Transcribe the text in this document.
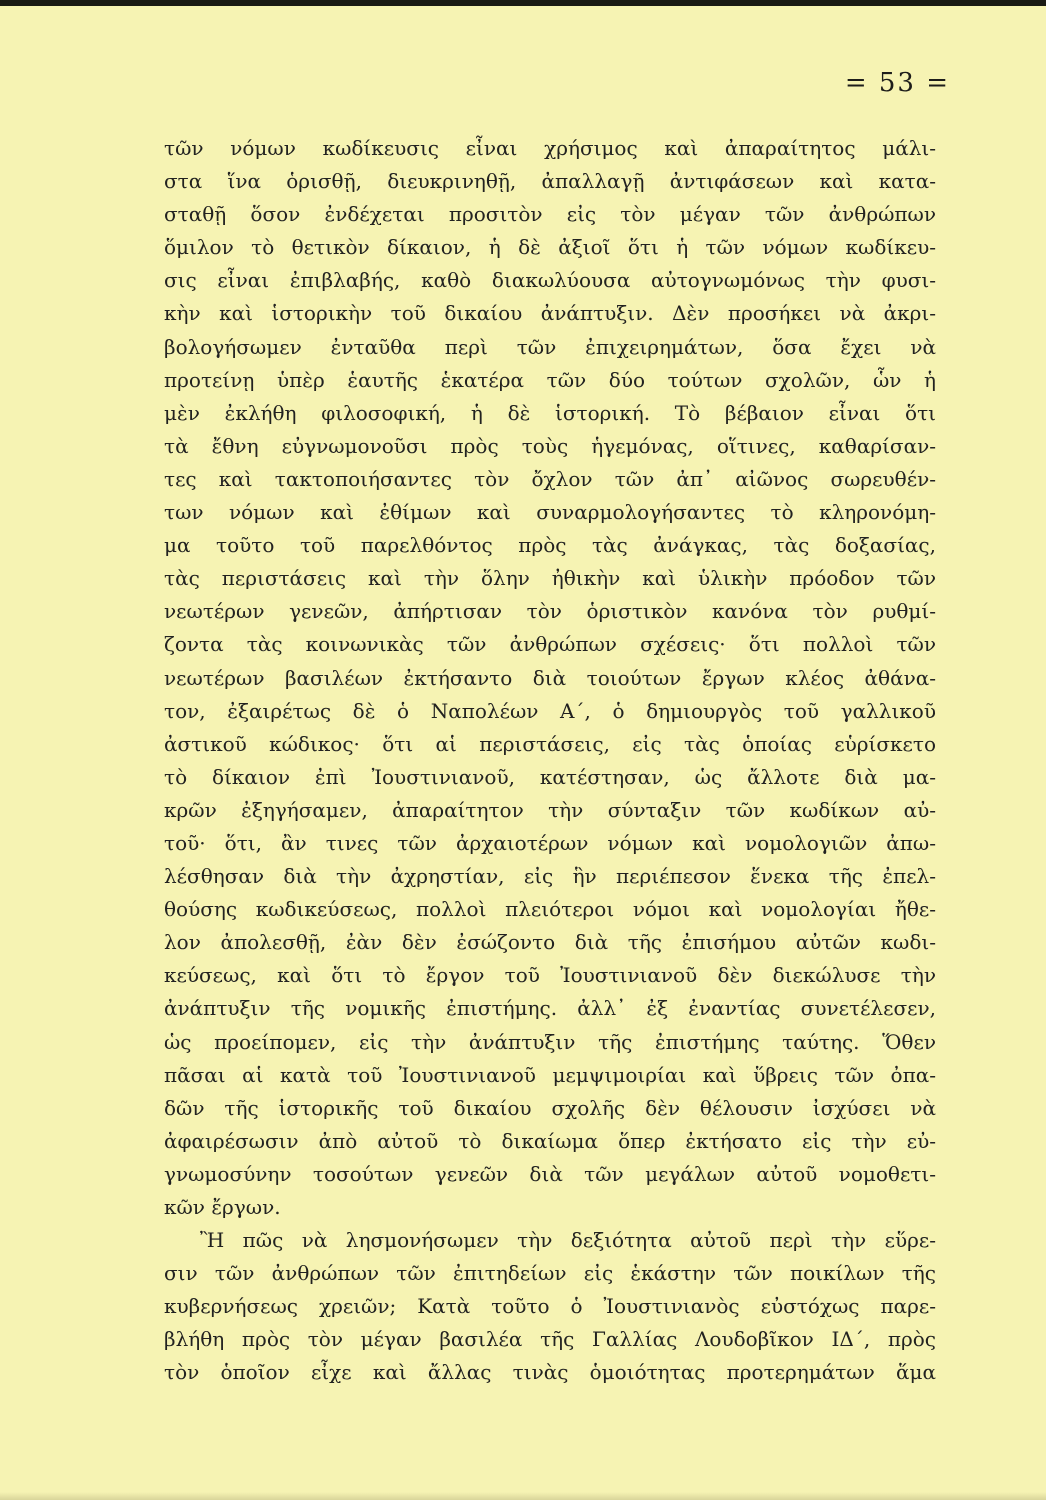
= 53 =
τῶν νόμων κωδίκευσις εἶναι χρήσιμος καὶ ἀπαραίτητος μάλι-
στα ἵνα ὁρισθῇ, διευκρινηθῇ, ἀπαλλαγῇ ἀντιφάσεων καὶ κατα-
σταθῇ ὅσον ἐνδέχεται προσιτὸν εἰς τὸν μέγαν τῶν ἀνθρώπων
ὅμιλον τὸ θετικὸν δίκαιον, ἡ δὲ ἀξιοῖ ὅτι ἡ τῶν νόμων κωδίκευ-
σις εἶναι ἐπιβλαβής, καθὸ διακωλύουσα αὐτογνωμόνως τὴν φυσι-
κὴν καὶ ἱστορικὴν τοῦ δικαίου ἀνάπτυξιν. Δὲν προσήκει νὰ ἀκρι-
βολογήσωμεν ἐνταῦθα περὶ τῶν ἐπιχειρημάτων, ὅσα ἔχει νὰ
προτείνῃ ὑπὲρ ἑαυτῆς ἑκατέρα τῶν δύο τούτων σχολῶν, ὧν ἡ
μὲν ἐκλήθη φιλοσοφική, ἡ δὲ ἱστορική. Τὸ βέβαιον εἶναι ὅτι
τὰ ἔθνη εὐγνωμονοῦσι πρὸς τοὺς ἡγεμόνας, οἵτινες, καθαρίσαν-
τες καὶ τακτοποιήσαντες τὸν ὄχλον τῶν ἀπ᾽ αἰῶνος σωρευθέν-
των νόμων καὶ ἐθίμων καὶ συναρμολογήσαντες τὸ κληρονόμη-
μα τοῦτο τοῦ παρελθόντος πρὸς τὰς ἀνάγκας, τὰς δοξασίας,
τὰς περιστάσεις καὶ τὴν ὅλην ἠθικὴν καὶ ὑλικὴν πρόοδον τῶν
νεωτέρων γενεῶν, ἀπήρτισαν τὸν ὁριστικὸν κανόνα τὸν ρυθμί-
ζοντα τὰς κοινωνικὰς τῶν ἀνθρώπων σχέσεις· ὅτι πολλοὶ τῶν
νεωτέρων βασιλέων ἐκτήσαντο διὰ τοιούτων ἔργων κλέος ἀθάνα-
τον, ἐξαιρέτως δὲ ὁ Ναπολέων Α΄, ὁ δημιουργὸς τοῦ γαλλικοῦ
ἀστικοῦ κώδικος· ὅτι αἱ περιστάσεις, εἰς τὰς ὁποίας εὑρίσκετο
τὸ δίκαιον ἐπὶ Ἰουστινιανοῦ, κατέστησαν, ὡς ἄλλοτε διὰ μα-
κρῶν ἐξηγήσαμεν, ἀπαραίτητον τὴν σύνταξιν τῶν κωδίκων αὐ-
τοῦ· ὅτι, ἂν τινες τῶν ἀρχαιοτέρων νόμων καὶ νομολογιῶν ἀπω-
λέσθησαν διὰ τὴν ἀχρηστίαν, εἰς ἣν περιέπεσον ἕνεκα τῆς ἐπελ-
θούσης κωδικεύσεως, πολλοὶ πλειότεροι νόμοι καὶ νομολογίαι ἤθε-
λον ἀπολεσθῇ, ἐὰν δὲν ἐσώζοντο διὰ τῆς ἐπισήμου αὐτῶν κωδι-
κεύσεως, καὶ ὅτι τὸ ἔργον τοῦ Ἰουστινιανοῦ δὲν διεκώλυσε τὴν
ἀνάπτυξιν τῆς νομικῆς ἐπιστήμης. ἀλλ᾽ ἐξ ἐναντίας συνετέλεσεν,
ὡς προείπομεν, εἰς τὴν ἀνάπτυξιν τῆς ἐπιστήμης ταύτης. Ὅθεν
πᾶσαι αἱ κατὰ τοῦ Ἰουστινιανοῦ μεμψιμοιρίαι καὶ ὕβρεις τῶν ὀπα-
δῶν τῆς ἱστορικῆς τοῦ δικαίου σχολῆς δὲν θέλουσιν ἰσχύσει νὰ
ἀφαιρέσωσιν ἀπὸ αὐτοῦ τὸ δικαίωμα ὅπερ ἐκτήσατο εἰς τὴν εὐ-
γνωμοσύνην τοσούτων γενεῶν διὰ τῶν μεγάλων αὐτοῦ νομοθετι-
κῶν ἔργων.
Ἢ πῶς νὰ λησμονήσωμεν τὴν δεξιότητα αὐτοῦ περὶ τὴν εὕρε-
σιν τῶν ἀνθρώπων τῶν ἐπιτηδείων εἰς ἑκάστην τῶν ποικίλων τῆς
κυβερνήσεως χρειῶν; Κατὰ τοῦτο ὁ Ἰουστινιανὸς εὐστόχως παρε-
βλήθη πρὸς τὸν μέγαν βασιλέα τῆς Γαλλίας Λουδοβῖκον ΙΔ΄, πρὸς
τὸν ὁποῖον εἶχε καὶ ἄλλας τινὰς ὁμοιότητας προτερημάτων ἅμα
